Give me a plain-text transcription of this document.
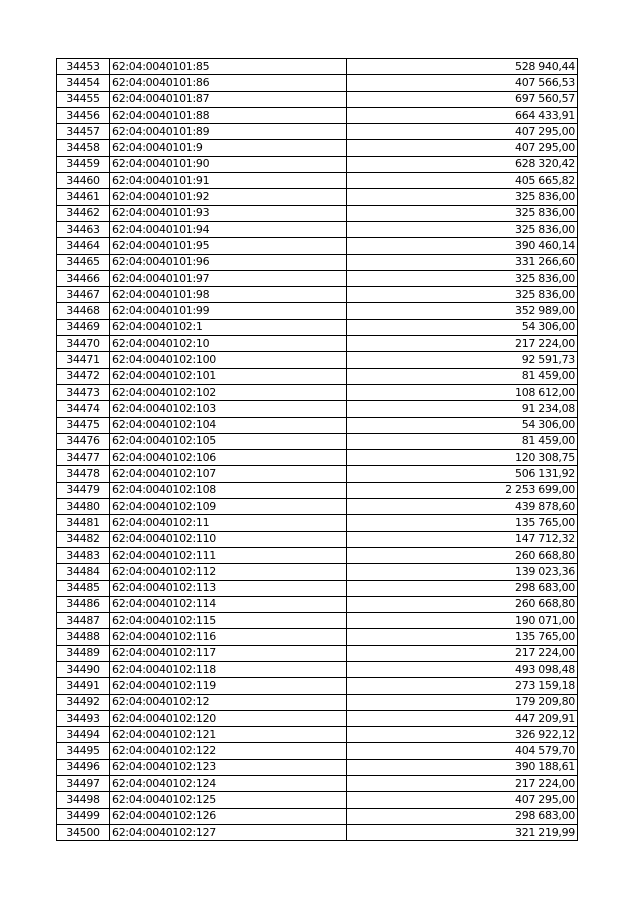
34453	62:04:0040101:85	528 940,44
34454	62:04:0040101:86	407 566,53
34455	62:04:0040101:87	697 560,57
34456	62:04:0040101:88	664 433,91
34457	62:04:0040101:89	407 295,00
34458	62:04:0040101:9	407 295,00
34459	62:04:0040101:90	628 320,42
34460	62:04:0040101:91	405 665,82
34461	62:04:0040101:92	325 836,00
34462	62:04:0040101:93	325 836,00
34463	62:04:0040101:94	325 836,00
34464	62:04:0040101:95	390 460,14
34465	62:04:0040101:96	331 266,60
34466	62:04:0040101:97	325 836,00
34467	62:04:0040101:98	325 836,00
34468	62:04:0040101:99	352 989,00
34469	62:04:0040102:1	54 306,00
34470	62:04:0040102:10	217 224,00
34471	62:04:0040102:100	92 591,73
34472	62:04:0040102:101	81 459,00
34473	62:04:0040102:102	108 612,00
34474	62:04:0040102:103	91 234,08
34475	62:04:0040102:104	54 306,00
34476	62:04:0040102:105	81 459,00
34477	62:04:0040102:106	120 308,75
34478	62:04:0040102:107	506 131,92
34479	62:04:0040102:108	2 253 699,00
34480	62:04:0040102:109	439 878,60
34481	62:04:0040102:11	135 765,00
34482	62:04:0040102:110	147 712,32
34483	62:04:0040102:111	260 668,80
34484	62:04:0040102:112	139 023,36
34485	62:04:0040102:113	298 683,00
34486	62:04:0040102:114	260 668,80
34487	62:04:0040102:115	190 071,00
34488	62:04:0040102:116	135 765,00
34489	62:04:0040102:117	217 224,00
34490	62:04:0040102:118	493 098,48
34491	62:04:0040102:119	273 159,18
34492	62:04:0040102:12	179 209,80
34493	62:04:0040102:120	447 209,91
34494	62:04:0040102:121	326 922,12
34495	62:04:0040102:122	404 579,70
34496	62:04:0040102:123	390 188,61
34497	62:04:0040102:124	217 224,00
34498	62:04:0040102:125	407 295,00
34499	62:04:0040102:126	298 683,00
34500	62:04:0040102:127	321 219,99
